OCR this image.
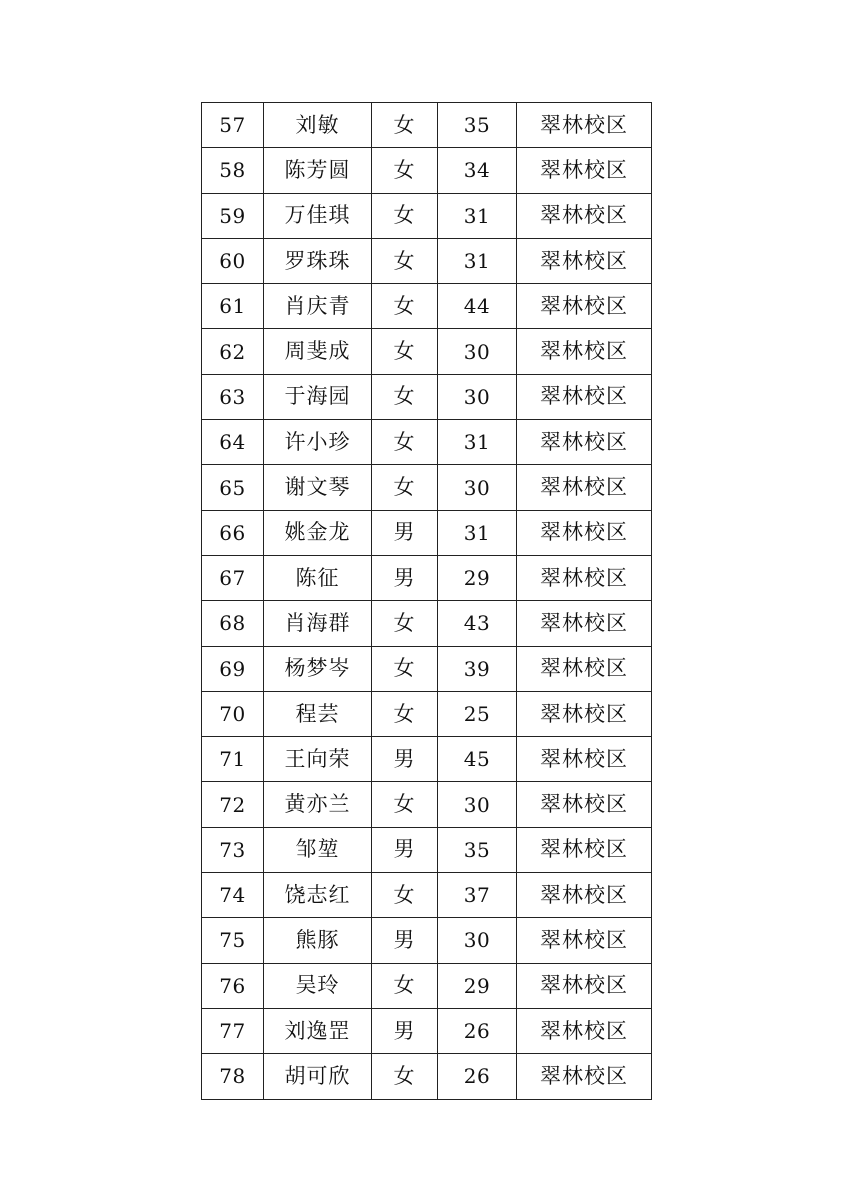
57	刘敏	女	35	翠林校区
58	陈芳圆	女	34	翠林校区
59	万佳琪	女	31	翠林校区
60	罗珠珠	女	31	翠林校区
61	肖庆青	女	44	翠林校区
62	周斐成	女	30	翠林校区
63	于海园	女	30	翠林校区
64	许小珍	女	31	翠林校区
65	谢文琴	女	30	翠林校区
66	姚金龙	男	31	翠林校区
67	陈征	男	29	翠林校区
68	肖海群	女	43	翠林校区
69	杨梦岑	女	39	翠林校区
70	程芸	女	25	翠林校区
71	王向荣	男	45	翠林校区
72	黄亦兰	女	30	翠林校区
73	邹堃	男	35	翠林校区
74	饶志红	女	37	翠林校区
75	熊豚	男	30	翠林校区
76	吴玲	女	29	翠林校区
77	刘逸罡	男	26	翠林校区
78	胡可欣	女	26	翠林校区
